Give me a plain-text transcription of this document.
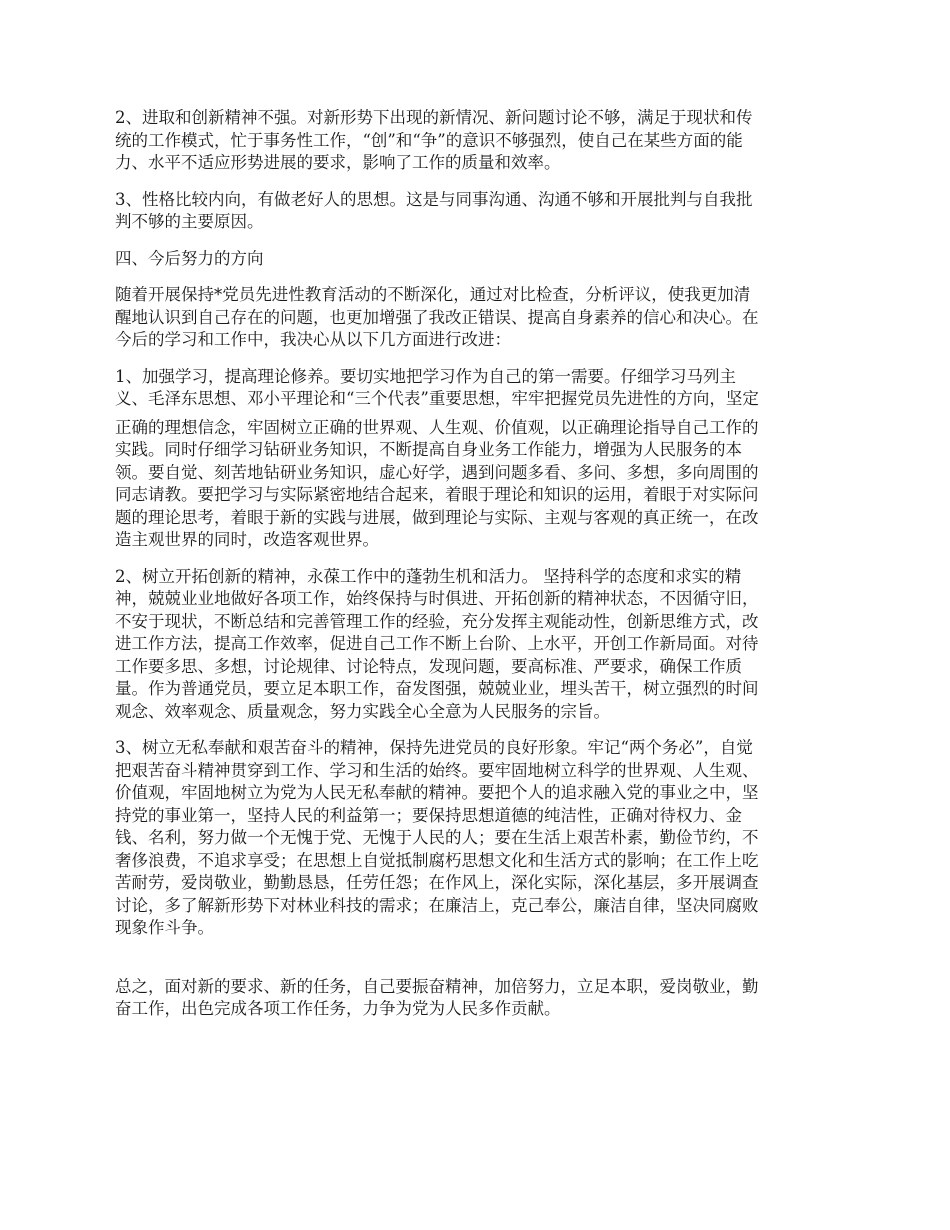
2、进取和创新精神不强。对新形势下出现的新情况、新问题讨论不够，满足于现状和传
统的工作模式，忙于事务性工作，“创”和“争”的意识不够强烈，使自己在某些方面的能
力、水平不适应形势进展的要求，影响了工作的质量和效率。

3、性格比较内向，有做老好人的思想。这是与同事沟通、沟通不够和开展批判与自我批
判不够的主要原因。

四、今后努力的方向

随着开展保持*党员先进性教育活动的不断深化，通过对比检查，分析评议，使我更加清
醒地认识到自己存在的问题，也更加增强了我改正错误、提高自身素养的信心和决心。在
今后的学习和工作中，我决心从以下几方面进行改进：

1、加强学习，提高理论修养。要切实地把学习作为自己的第一需要。仔细学习马列主
义、毛泽东思想、邓小平理论和“三个代表”重要思想，牢牢把握党员先进性的方向，坚定

正确的理想信念，牢固树立正确的世界观、人生观、价值观，以正确理论指导自己工作的
实践。同时仔细学习钻研业务知识，不断提高自身业务工作能力，增强为人民服务的本
领。要自觉、刻苦地钻研业务知识，虚心好学，遇到问题多看、多问、多想，多向周围的
同志请教。要把学习与实际紧密地结合起来，着眼于理论和知识的运用，着眼于对实际问
题的理论思考，着眼于新的实践与进展，做到理论与实际、主观与客观的真正统一，在改
造主观世界的同时，改造客观世界。

2、树立开拓创新的精神，永葆工作中的蓬勃生机和活力。 坚持科学的态度和求实的精
神，兢兢业业地做好各项工作，始终保持与时俱进、开拓创新的精神状态，不因循守旧，
不安于现状，不断总结和完善管理工作的经验，充分发挥主观能动性，创新思维方式，改
进工作方法，提高工作效率，促进自己工作不断上台阶、上水平，开创工作新局面。对待
工作要多思、多想，讨论规律、讨论特点，发现问题，要高标准、严要求，确保工作质
量。作为普通党员，要立足本职工作，奋发图强，兢兢业业，埋头苦干，树立强烈的时间
观念、效率观念、质量观念，努力实践全心全意为人民服务的宗旨。

3、树立无私奉献和艰苦奋斗的精神，保持先进党员的良好形象。牢记“两个务必”，自觉
把艰苦奋斗精神贯穿到工作、学习和生活的始终。要牢固地树立科学的世界观、人生观、
价值观，牢固地树立为党为人民无私奉献的精神。要把个人的追求融入党的事业之中，坚
持党的事业第一，坚持人民的利益第一；要保持思想道德的纯洁性，正确对待权力、金
钱、名利，努力做一个无愧于党、无愧于人民的人；要在生活上艰苦朴素，勤俭节约，不
奢侈浪费，不追求享受；在思想上自觉抵制腐朽思想文化和生活方式的影响；在工作上吃
苦耐劳，爱岗敬业，勤勤恳恳，任劳任怨；在作风上，深化实际，深化基层，多开展调查
讨论，多了解新形势下对林业科技的需求；在廉洁上，克己奉公，廉洁自律，坚决同腐败
现象作斗争。

总之，面对新的要求、新的任务，自己要振奋精神，加倍努力，立足本职，爱岗敬业，勤
奋工作，出色完成各项工作任务，力争为党为人民多作贡献。
